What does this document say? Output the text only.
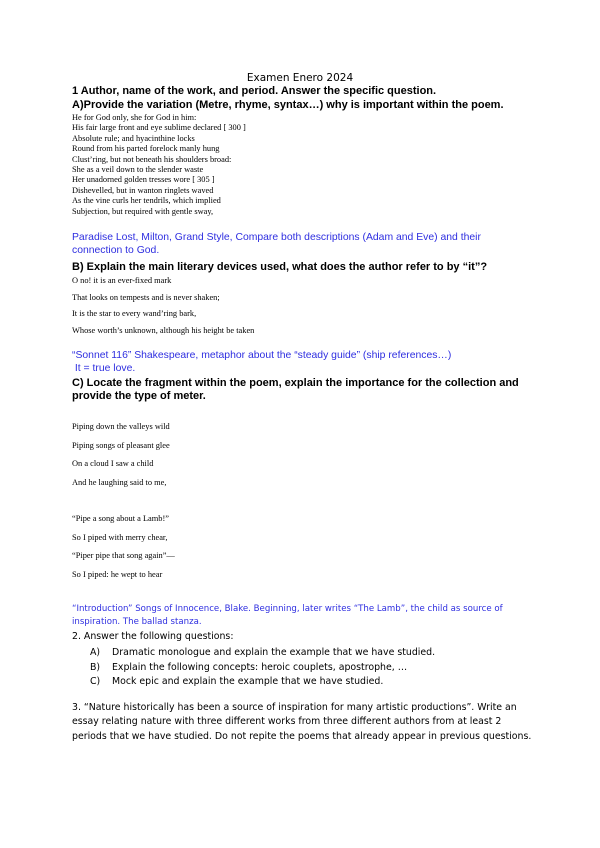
Examen Enero 2024
1 Author, name of the work, and period. Answer the specific question.
A)Provide the variation (Metre, rhyme, syntax…) why is important within the poem.
He for God only, she for God in him:
His fair large front and eye sublime declared [ 300 ]
Absolute rule; and hyacinthine locks
Round from his parted forelock manly hung
Clust’ring, but not beneath his shoulders broad:
She as a veil down to the slender waste
Her unadorned golden tresses wore [ 305 ]
Dishevelled, but in wanton ringlets waved
As the vine curls her tendrils, which implied
Subjection, but required with gentle sway,
Paradise Lost, Milton, Grand Style, Compare both descriptions (Adam and Eve) and their connection to God.
B) Explain the main literary devices used, what does the author refer to by “it”?
O no! it is an ever-fixed mark
That looks on tempests and is never shaken;
It is the star to every wand’ring bark,
Whose worth’s unknown, although his height be taken
“Sonnet 116” Shakespeare, metaphor about the “steady guide” (ship references…)
It = true love.
C) Locate the fragment within the poem, explain the importance for the collection and provide the type of meter.
Piping down the valleys wild
Piping songs of pleasant glee
On a cloud I saw a child
And he laughing said to me,
“Pipe a song about a Lamb!”
So I piped with merry chear,
“Piper pipe that song again”—
So I piped: he wept to hear
“Introduction” Songs of Innocence, Blake. Beginning, later writes “The Lamb”, the child as source of inspiration. The ballad stanza.
2. Answer the following questions:
A) Dramatic monologue and explain the example that we have studied.
B) Explain the following concepts: heroic couplets, apostrophe, …
C) Mock epic and explain the example that we have studied.
3. “Nature historically has been a source of inspiration for many artistic productions”. Write an essay relating nature with three different works from three different authors from at least 2 periods that we have studied. Do not repite the poems that already appear in previous questions.
